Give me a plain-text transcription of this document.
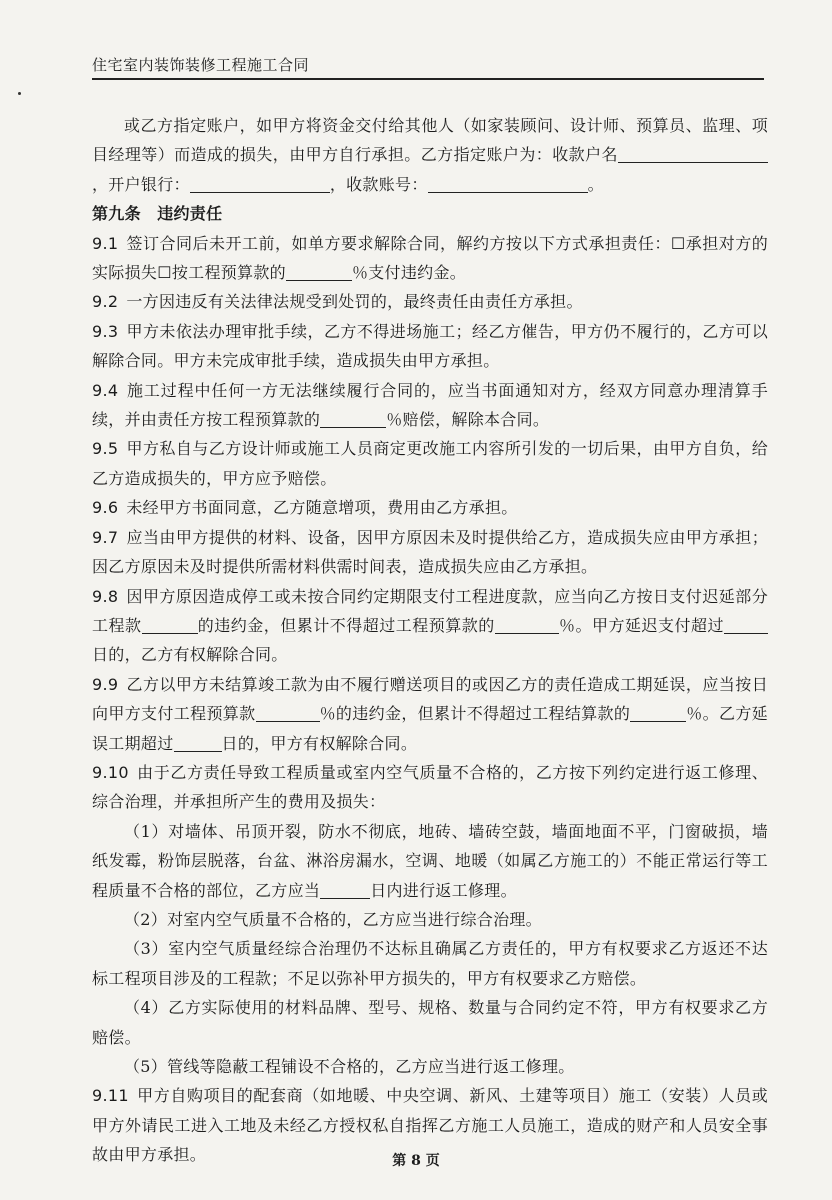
住宅室内装饰装修工程施工合同

或乙方指定账户，如甲方将资金交付给其他人（如家装顾问、设计师、预算员、监理、项目经理等）而造成的损失，由甲方自行承担。乙方指定账户为：收款户名，开户银行：	，收款账号：	。

第九条　违约责任

9.1 签订合同后未开工前，如单方要求解除合同，解约方按以下方式承担责任：☐承担对方的实际损失☐按工程预算款的	％支付违约金。

9.2 一方因违反有关法律法规受到处罚的，最终责任由责任方承担。

9.3 甲方未依法办理审批手续，乙方不得进场施工；经乙方催告，甲方仍不履行的，乙方可以解除合同。甲方未完成审批手续，造成损失由甲方承担。

9.4 施工过程中任何一方无法继续履行合同的，应当书面通知对方，经双方同意办理清算手续，并由责任方按工程预算款的	％赔偿，解除本合同。

9.5 甲方私自与乙方设计师或施工人员商定更改施工内容所引发的一切后果，由甲方自负，给乙方造成损失的，甲方应予赔偿。

9.6 未经甲方书面同意，乙方随意增项，费用由乙方承担。

9.7 应当由甲方提供的材料、设备，因甲方原因未及时提供给乙方，造成损失应由甲方承担；因乙方原因未及时提供所需材料供需时间表，造成损失应由乙方承担。

9.8 因甲方原因造成停工或未按合同约定期限支付工程进度款，应当向乙方按日支付迟延部分工程款	的违约金，但累计不得超过工程预算款的	％。甲方延迟支付超过日的，乙方有权解除合同。

9.9 乙方以甲方未结算竣工款为由不履行赠送项目的或因乙方的责任造成工期延误，应当按日向甲方支付工程预算款	％的违约金，但累计不得超过工程结算款的	％。乙方延误工期超过	日的，甲方有权解除合同。

9.10 由于乙方责任导致工程质量或室内空气质量不合格的，乙方按下列约定进行返工修理、综合治理，并承担所产生的费用及损失：

（1）对墙体、吊顶开裂，防水不彻底，地砖、墙砖空鼓，墙面地面不平，门窗破损，墙纸发霉，粉饰层脱落，台盆、淋浴房漏水，空调、地暖（如属乙方施工的）不能正常运行等工程质量不合格的部位，乙方应当	日内进行返工修理。

（2）对室内空气质量不合格的，乙方应当进行综合治理。

（3）室内空气质量经综合治理仍不达标且确属乙方责任的，甲方有权要求乙方返还不达标工程项目涉及的工程款；不足以弥补甲方损失的，甲方有权要求乙方赔偿。

（4）乙方实际使用的材料品牌、型号、规格、数量与合同约定不符，甲方有权要求乙方赔偿。

（5）管线等隐蔽工程铺设不合格的，乙方应当进行返工修理。

9.11 甲方自购项目的配套商（如地暖、中央空调、新风、土建等项目）施工（安装）人员或甲方外请民工进入工地及未经乙方授权私自指挥乙方施工人员施工，造成的财产和人员安全事故由甲方承担。	第 8 页
